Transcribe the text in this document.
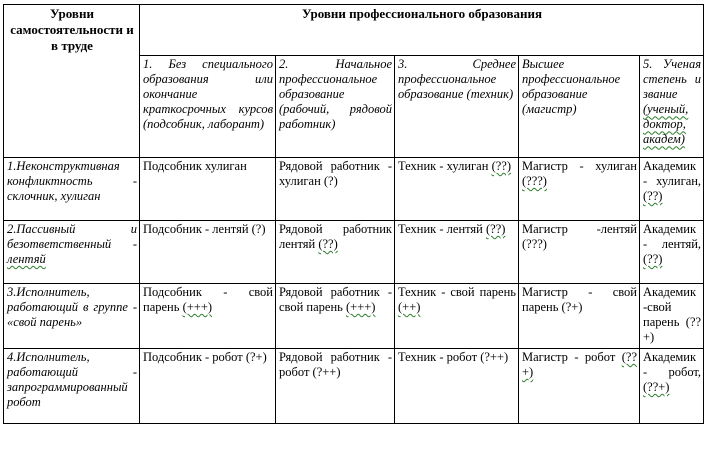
Уровни самостоятельности и в труде	Уровни профессионального образования				
	1. Без специального образования или окончание краткосрочных курсов (подсобник, лаборант)	2. Начальное профессиональное образование (рабочий, рядовой работник)	3. Среднее профессиональное образование (техник)	Высшее профессиональное образование (магистр)	5. Ученая степень и звание (ученый, доктор, академ)
1.Неконструктивная конфликтность - склочник, хулиган	Подсобник хулиган	Рядовой работник - хулиган (?)	Техник - хулиган (??)	Магистр - хулиган (???)	Академик - хулиган, (??)
2.Пассивный и безответственный - лентяй	Подсобник - лентяй (?)	Рядовой работник лентяй (??)	Техник - лентяй (??)	Магистр -лентяй (???)	Академик - лентяй, (??)
3.Исполнитель, работающий в группе - «свой парень»	Подсобник - свой парень (+++)	Рядовой работник - свой парень (+++)	Техник - свой парень (++)	Магистр - свой парень (?+)	Академик -свой парень (??+)
4.Исполнитель, работающий - запрограммированный робот	Подсобник - робот (?+)	Рядовой работник - робот (?++)	Техник - робот (?++)	Магистр - робот (??+)	Академик - робот, (??+)
